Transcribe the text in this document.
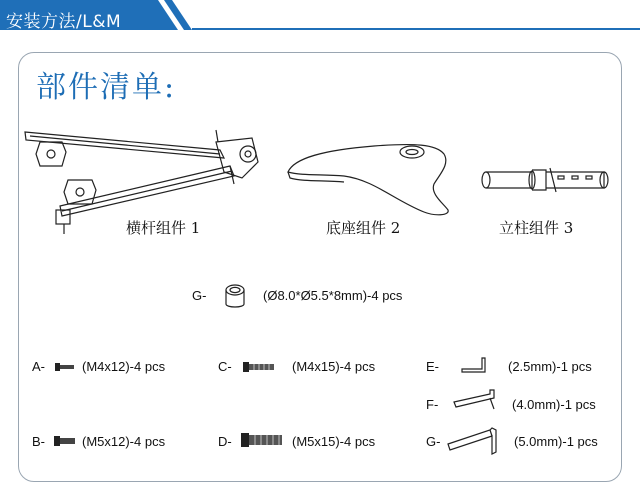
安装方法/L&M
部件清单:
横杆组件 1	底座组件 2	立柱组件 3
G-	(Ø8.0*Ø5.5*8mm)-4 pcs
A-	(M4x12)-4 pcs
B-	(M5x12)-4 pcs
C-	(M4x15)-4 pcs
D-	(M5x15)-4 pcs
E-	(2.5mm)-1 pcs
F-	(4.0mm)-1 pcs
G-	(5.0mm)-1 pcs
